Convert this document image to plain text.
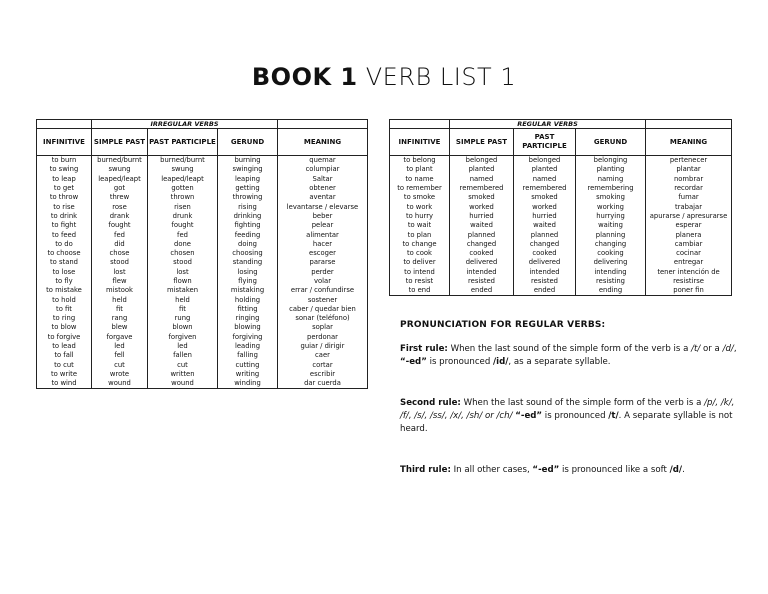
BOOK 1 VERB LIST 1
	IRREGULAR VERBS			
INFINITIVE	SIMPLE PAST	PAST PARTICIPLE	GERUND	MEANING
to burn	burned/burnt	burned/burnt	burning	quemar
to swing	swung	swung	swinging	columpiar
to leap	leaped/leapt	leaped/leapt	leaping	Saltar
to get	got	gotten	getting	obtener
to throw	threw	thrown	throwing	aventar
to rise	rose	risen	rising	levantarse / elevarse
to drink	drank	drunk	drinking	beber
to fight	fought	fought	fighting	pelear
to feed	fed	fed	feeding	alimentar
to do	did	done	doing	hacer
to choose	chose	chosen	choosing	escoger
to stand	stood	stood	standing	pararse
to lose	lost	lost	losing	perder
to fly	flew	flown	flying	volar
to mistake	mistook	mistaken	mistaking	errar / confundirse
to hold	held	held	holding	sostener
to fit	fit	fit	fitting	caber / quedar bien
to ring	rang	rung	ringing	sonar (teléfono)
to blow	blew	blown	blowing	soplar
to forgive	forgave	forgiven	forgiving	perdonar
to lead	led	led	leading	guiar / dirigir
to fall	fell	fallen	falling	caer
to cut	cut	cut	cutting	cortar
to write	wrote	written	writing	escribir
to wind	wound	wound	winding	dar cuerda
	REGULAR VERBS			
INFINITIVE	SIMPLE PAST	PAST PARTICIPLE	GERUND	MEANING
to belong	belonged	belonged	belonging	pertenecer
to plant	planted	planted	planting	plantar
to name	named	named	naming	nombrar
to remember	remembered	remembered	remembering	recordar
to smoke	smoked	smoked	smoking	fumar
to work	worked	worked	working	trabajar
to hurry	hurried	hurried	hurrying	apurarse / apresurarse
to wait	waited	waited	waiting	esperar
to plan	planned	planned	planning	planera
to change	changed	changed	changing	cambiar
to cook	cooked	cooked	cooking	cocinar
to deliver	delivered	delivered	delivering	entregar
to intend	intended	intended	intending	tener intención de
to resist	resisted	resisted	resisting	resistirse
to end	ended	ended	ending	poner fin
PRONUNCIATION FOR REGULAR VERBS:
First rule: When the last sound of the simple form of the verb is a /t/ or a /d/, “-ed” is pronounced /id/, as a separate syllable.
Second rule: When the last sound of the simple form of the verb is a /p/, /k/, /f/, /s/, /ss/, /x/, /sh/ or /ch/ “-ed” is pronounced /t/. A separate syllable is not heard.
Third rule: In all other cases, “-ed” is pronounced like a soft /d/.
